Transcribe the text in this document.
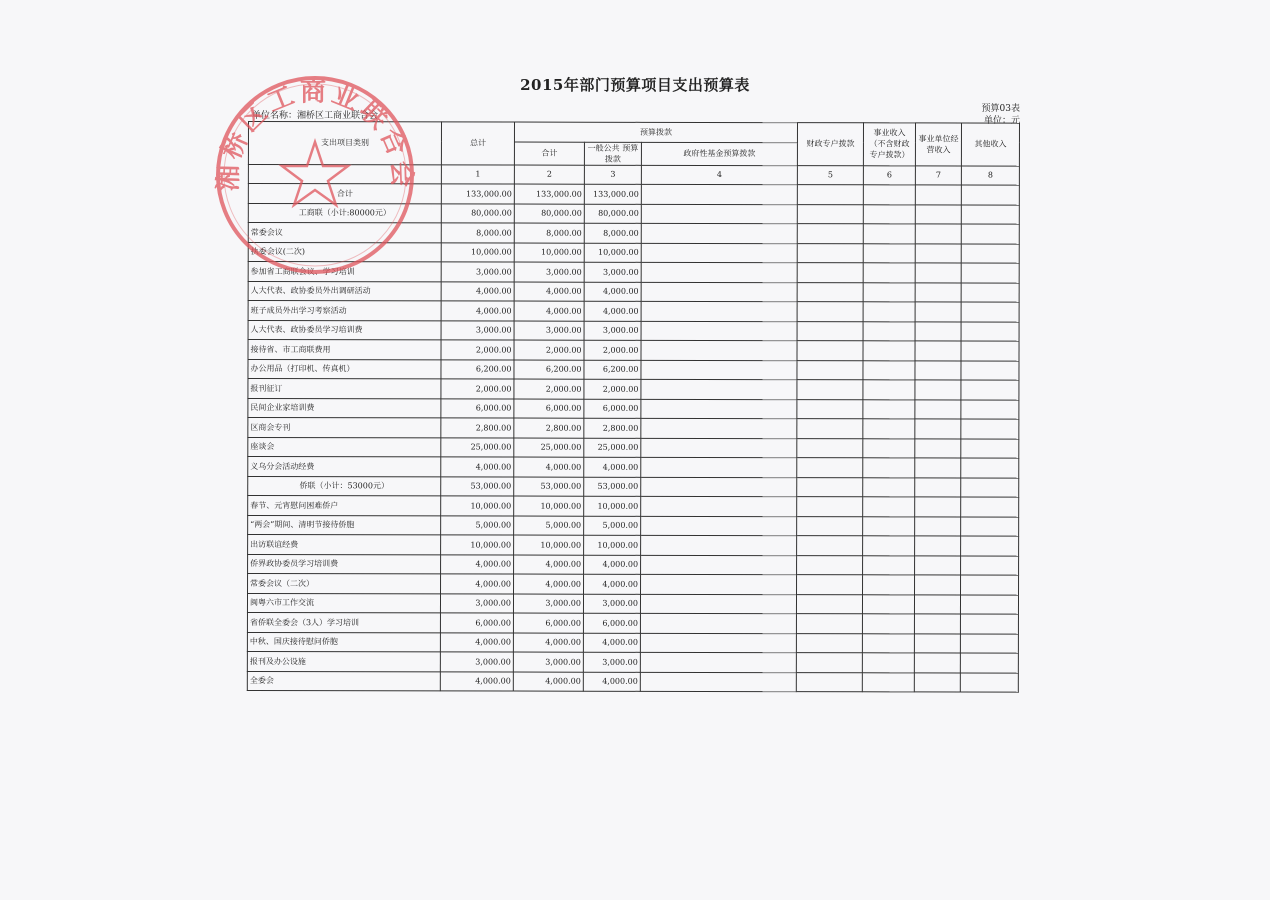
2015年部门预算项目支出预算表
预算03表
单位：元
单位名称：湘桥区工商业联合会
支出项目类别	总计	预算拨款			财政专户拨款	事业收入（不含财政专户拨款）	事业单位经营收入	其他收入
		合计	一般公共 预算拨款	政府性基金预算拨款				
	1	2	3	4	5	6	7	8
合计	133,000.00	133,000.00	133,000.00					
工商联（小计:80000元）	80,000.00	80,000.00	80,000.00					
常委会议	8,000.00	8,000.00	8,000.00					
执委会议(二次)	10,000.00	10,000.00	10,000.00					
参加省工商联会议、学习培训	3,000.00	3,000.00	3,000.00					
人大代表、政协委员外出调研活动	4,000.00	4,000.00	4,000.00					
班子成员外出学习考察活动	4,000.00	4,000.00	4,000.00					
人大代表、政协委员学习培训费	3,000.00	3,000.00	3,000.00					
接待省、市工商联费用	2,000.00	2,000.00	2,000.00					
办公用品（打印机、传真机）	6,200.00	6,200.00	6,200.00					
报刊征订	2,000.00	2,000.00	2,000.00					
民间企业家培训费	6,000.00	6,000.00	6,000.00					
区商会专刊	2,800.00	2,800.00	2,800.00					
座谈会	25,000.00	25,000.00	25,000.00					
义乌分会活动经费	4,000.00	4,000.00	4,000.00					
侨联（小计：53000元）	53,000.00	53,000.00	53,000.00					
春节、元宵慰问困难侨户	10,000.00	10,000.00	10,000.00					
“两会”期间、清明节接待侨胞	5,000.00	5,000.00	5,000.00					
出访联谊经费	10,000.00	10,000.00	10,000.00					
侨界政协委员学习培训费	4,000.00	4,000.00	4,000.00					
常委会议（二次）	4,000.00	4,000.00	4,000.00					
闽粤六市工作交流	3,000.00	3,000.00	3,000.00					
省侨联全委会（3人）学习培训	6,000.00	6,000.00	6,000.00					
中秋、国庆接待慰问侨胞	4,000.00	4,000.00	4,000.00					
报刊及办公设施	3,000.00	3,000.00	3,000.00					
全委会	4,000.00	4,000.00	4,000.00					
湘桥区工商业联合会
